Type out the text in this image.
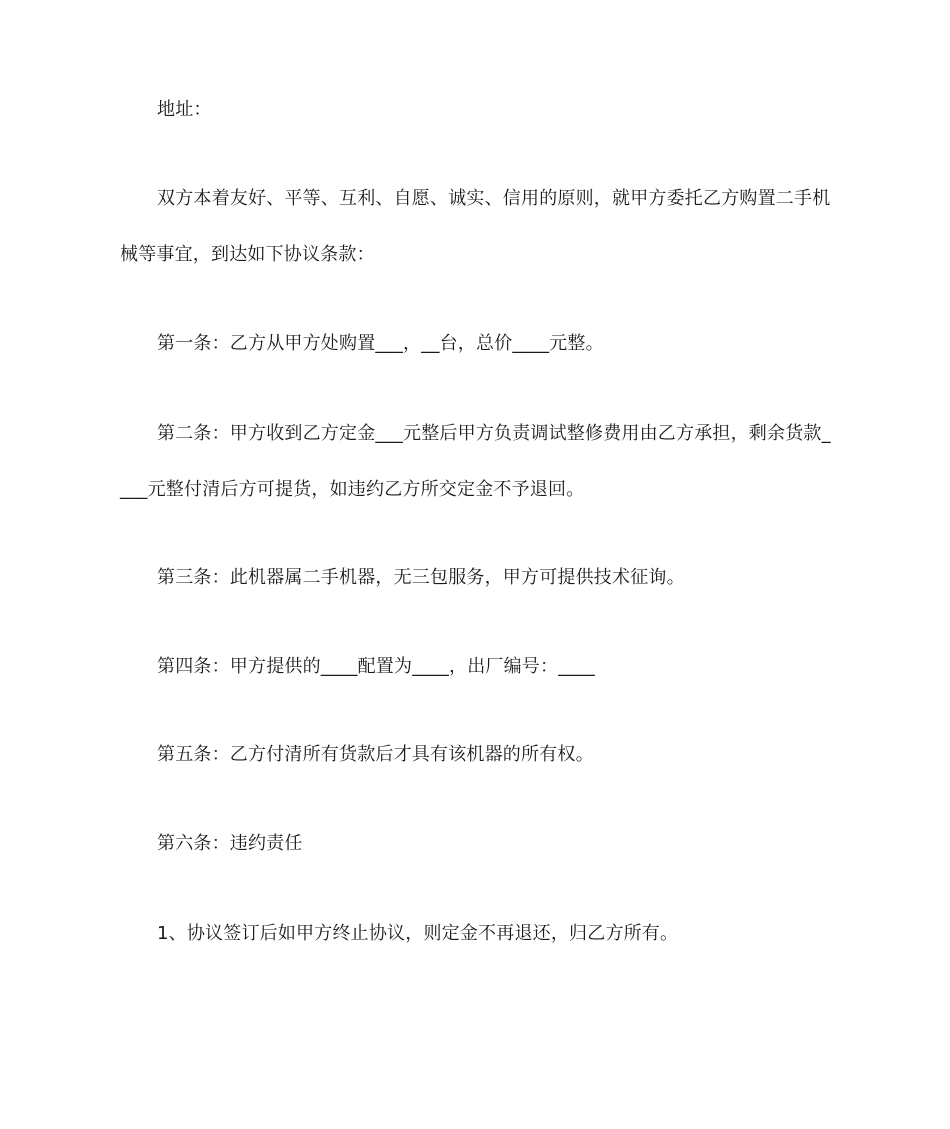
地址：
双方本着友好、平等、互利、自愿、诚实、信用的原则，就甲方委托乙方购置二手机
械等事宜，到达如下协议条款：
第一条：乙方从甲方处购置___，__台，总价____元整。
第二条：甲方收到乙方定金___元整后甲方负责调试整修费用由乙方承担，剩余货款_
___元整付清后方可提货，如违约乙方所交定金不予退回。
第三条：此机器属二手机器，无三包服务，甲方可提供技术征询。
第四条：甲方提供的____配置为____，出厂编号：____
第五条：乙方付清所有货款后才具有该机器的所有权。
第六条：违约责任
1、协议签订后如甲方终止协议，则定金不再退还，归乙方所有。
